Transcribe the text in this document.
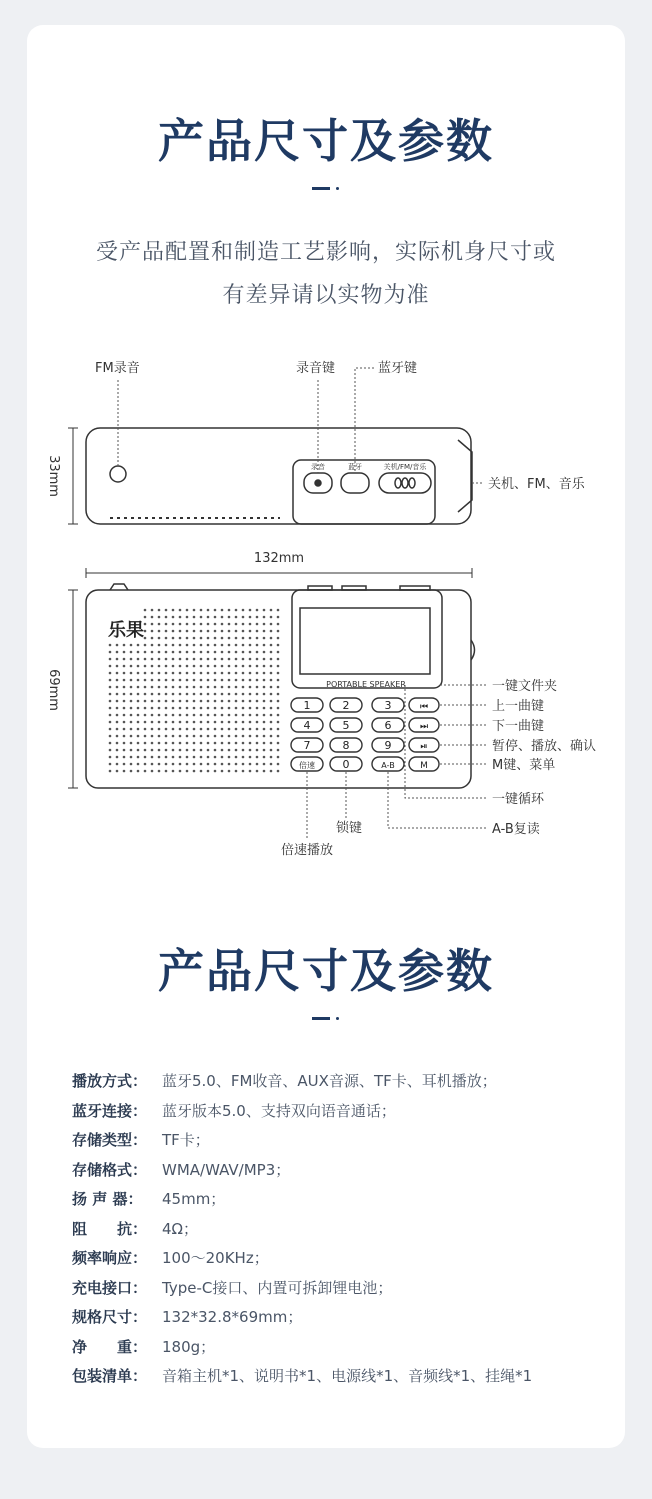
产品尺寸及参数
受产品配置和制造工艺影响，实际机身尺寸或
有差异请以实物为准
FM录音	录音键	蓝牙键
33mm	录音	蓝牙	关机/FM/音乐
关机、FM、音乐
132mm
乐果
PORTABLE SPEAKER
1	2	3
4	5	6
7	8	9
倍速	0	A-B
⏮
⏭
⏯
M
69mm	一键文件夹
上一曲键
下一曲键
暂停、播放、确认
M键、菜单
一键循环
A-B复读
锁键
倍速播放
产品尺寸及参数
播放方式： 蓝牙5.0、FM收音、AUX音源、TF卡、耳机播放；
蓝牙连接： 蓝牙版本5.0、支持双向语音通话；
存储类型： TF卡；
存储格式： WMA/WAV/MP3；
扬 声 器：	45mm；
阻　　抗： 4Ω；
频率响应： 100～20KHz；
充电接口： Type-C接口、内置可拆卸锂电池；
规格尺寸： 132*32.8*69mm；
净　　重： 180g；
包装清单： 音箱主机*1、说明书*1、电源线*1、音频线*1、挂绳*1
